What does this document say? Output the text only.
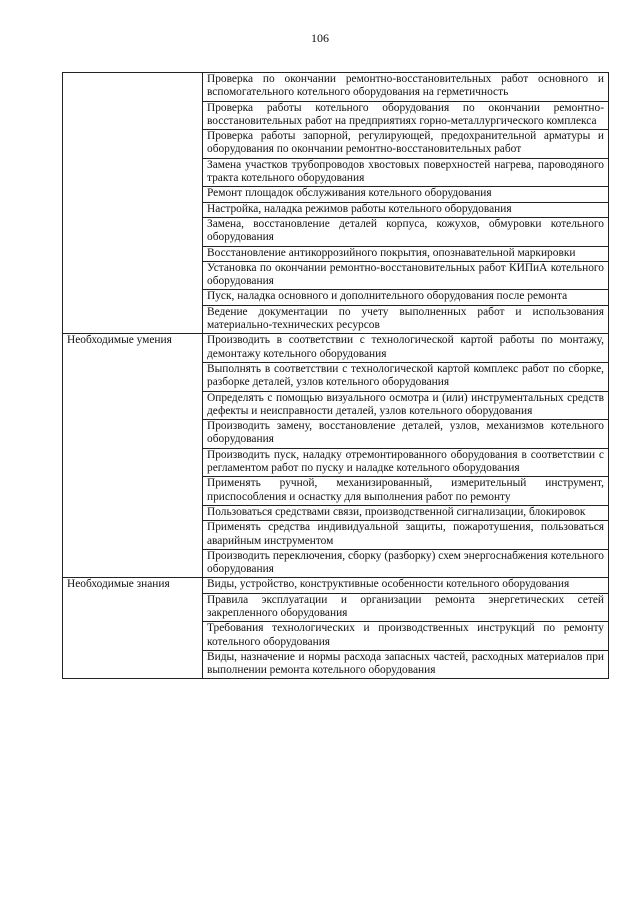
106
	Проверка по окончании ремонтно-восстановительных работ основного и вспомогательного котельного оборудования на герметичность
	Проверка работы котельного оборудования по окончании ремонтно-восстановительных работ на предприятиях горно-металлургического комплекса
	Проверка работы запорной, регулирующей, предохранительной арматуры и оборудования по окончании ремонтно-восстановительных работ
	Замена участков трубопроводов хвостовых поверхностей нагрева, пароводяного тракта котельного оборудования
	Ремонт площадок обслуживания котельного оборудования
	Настройка, наладка режимов работы котельного оборудования
	Замена, восстановление деталей корпуса, кожухов, обмуровки котельного оборудования
	Восстановление антикоррозийного покрытия, опознавательной маркировки
	Установка по окончании ремонтно-восстановительных работ КИПиА котельного оборудования
	Пуск, наладка основного и дополнительного оборудования после ремонта
	Ведение документации по учету выполненных работ и использования материально-технических ресурсов
Необходимые умения	Производить в соответствии с технологической картой работы по монтажу, демонтажу котельного оборудования
	Выполнять в соответствии с технологической картой комплекс работ по сборке, разборке деталей, узлов котельного оборудования
	Определять с помощью визуального осмотра и (или) инструментальных средств дефекты и неисправности деталей, узлов котельного оборудования
	Производить замену, восстановление деталей, узлов, механизмов котельного оборудования
	Производить пуск, наладку отремонтированного оборудования в соответствии с регламентом работ по пуску и наладке котельного оборудования
	Применять ручной, механизированный, измерительный инструмент, приспособления и оснастку для выполнения работ по ремонту
	Пользоваться средствами связи, производственной сигнализации, блокировок
	Применять средства индивидуальной защиты, пожаротушения, пользоваться аварийным инструментом
	Производить переключения, сборку (разборку) схем энергоснабжения котельного оборудования
Необходимые знания	Виды, устройство, конструктивные особенности котельного оборудования
	Правила эксплуатации и организации ремонта энергетических сетей закрепленного оборудования
	Требования технологических и производственных инструкций по ремонту котельного оборудования
	Виды, назначение и нормы расхода запасных частей, расходных материалов при выполнении ремонта котельного оборудования
